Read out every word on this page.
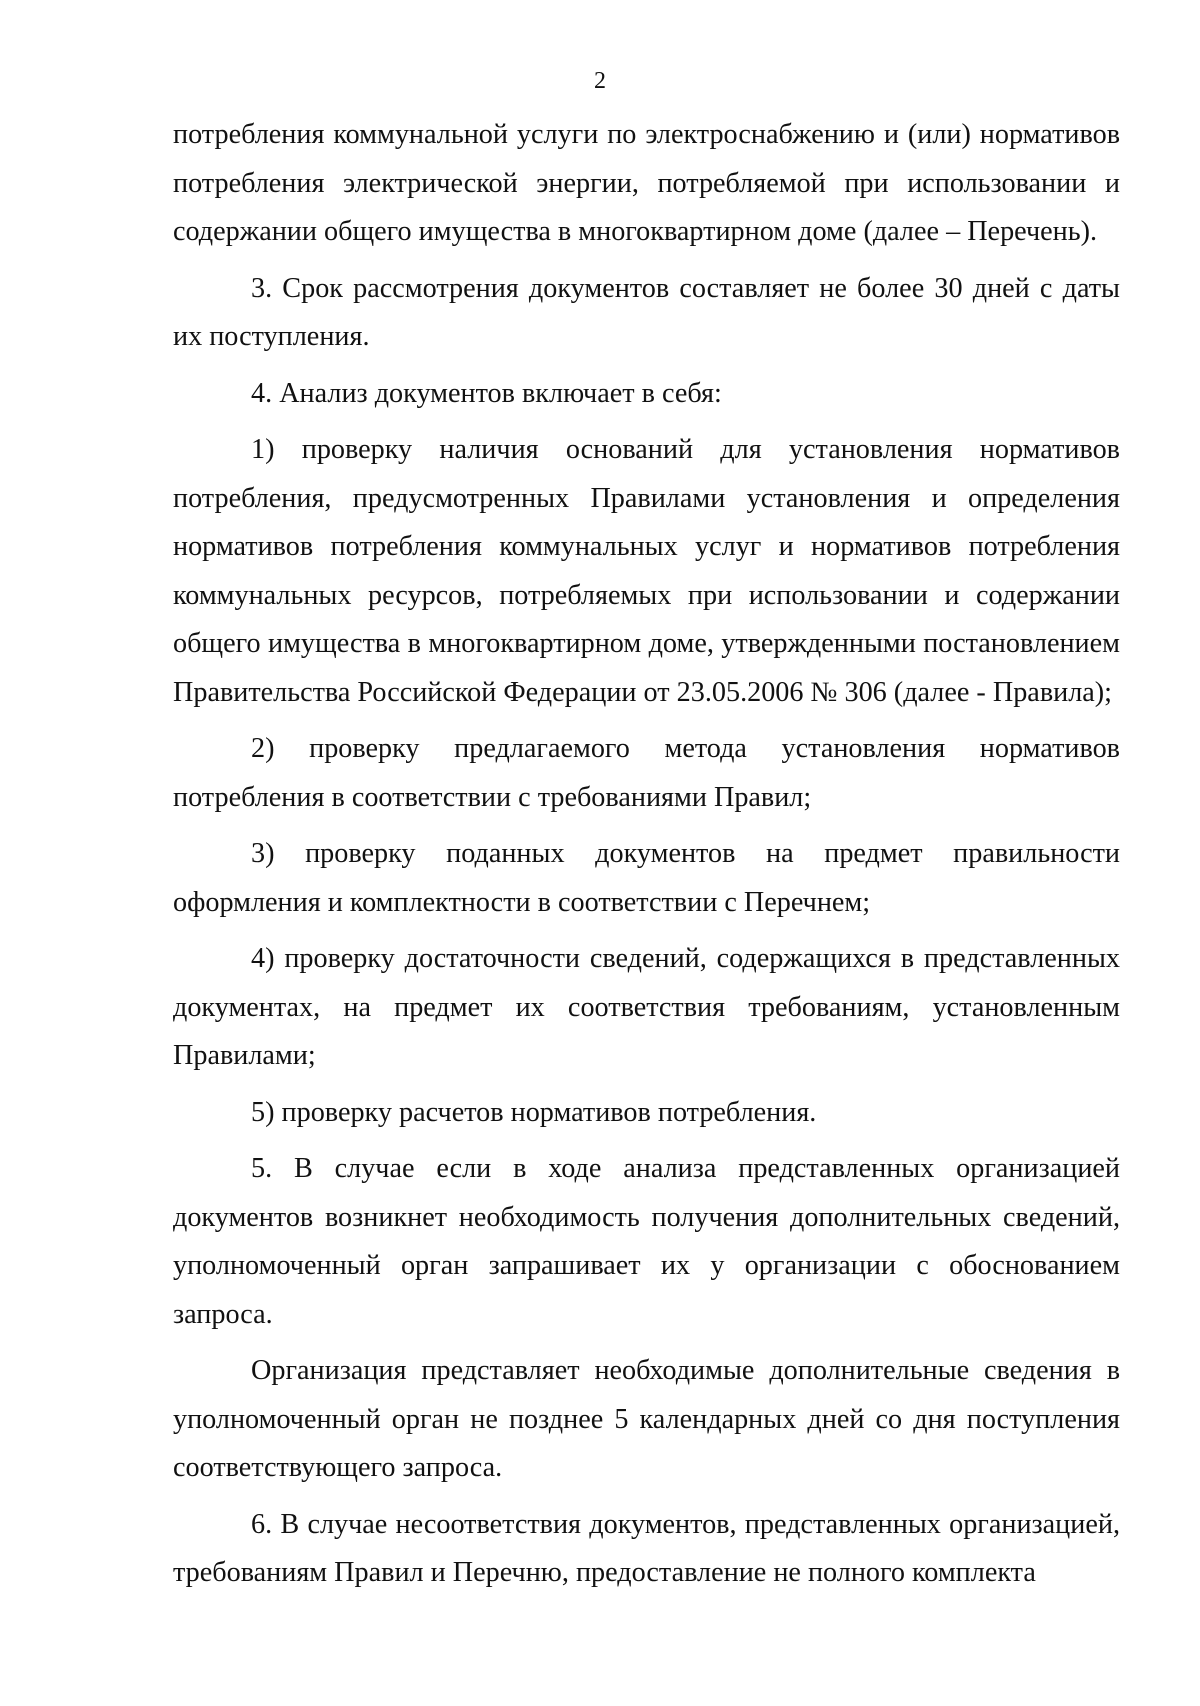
2

потребления коммунальной услуги по электроснабжению и (или) нормативов потребления электрической энергии, потребляемой при использовании и содержании общего имущества в многоквартирном доме (далее – Перечень).

3. Срок рассмотрения документов составляет не более 30 дней с даты их поступления.

4. Анализ документов включает в себя:

1) проверку наличия оснований для установления нормативов потребления, предусмотренных Правилами установления и определения нормативов потребления коммунальных услуг и нормативов потребления коммунальных ресурсов, потребляемых при использовании и содержании общего имущества в многоквартирном доме, утвержденными постановлением Правительства Российской Федерации от 23.05.2006 № 306 (далее - Правила);

2) проверку предлагаемого метода установления нормативов потребления в соответствии с требованиями Правил;

3) проверку поданных документов на предмет правильности оформления и комплектности в соответствии с Перечнем;

4) проверку достаточности сведений, содержащихся в представленных документах, на предмет их соответствия требованиям, установленным Правилами;

5) проверку расчетов нормативов потребления.

5. В случае если в ходе анализа представленных организацией документов возникнет необходимость получения дополнительных сведений, уполномоченный орган запрашивает их у организации с обоснованием запроса.

Организация представляет необходимые дополнительные сведения в уполномоченный орган не позднее 5 календарных дней со дня поступления соответствующего запроса.

6. В случае несоответствия документов, представленных организацией, требованиям Правил и Перечню, предоставление не полного комплекта
